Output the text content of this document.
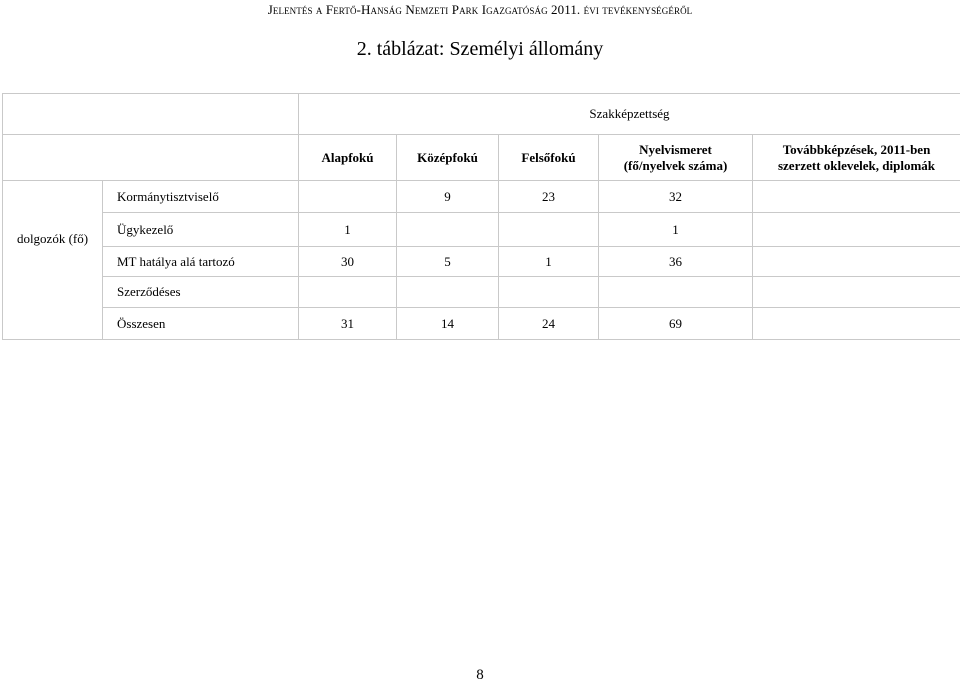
Jelentés a Fertő-Hanság Nemzeti Park Igazgatóság 2011. évi tevékenységéről
2. táblázat: Személyi állomány
		Szakképzettség				
		Alapfokú	Középfokú	Felsőfokú	Nyelvismeret (fő/nyelvek száma)	Továbbképzések, 2011-ben szerzett oklevelek, diplomák
dolgozók (fő)	Kormánytisztviselő		9	23	32	
	Ügykezelő	1			1	
	MT hatálya alá tartozó	30	5	1	36	
	Szerződéses					
	Összesen	31	14	24	69	
8
